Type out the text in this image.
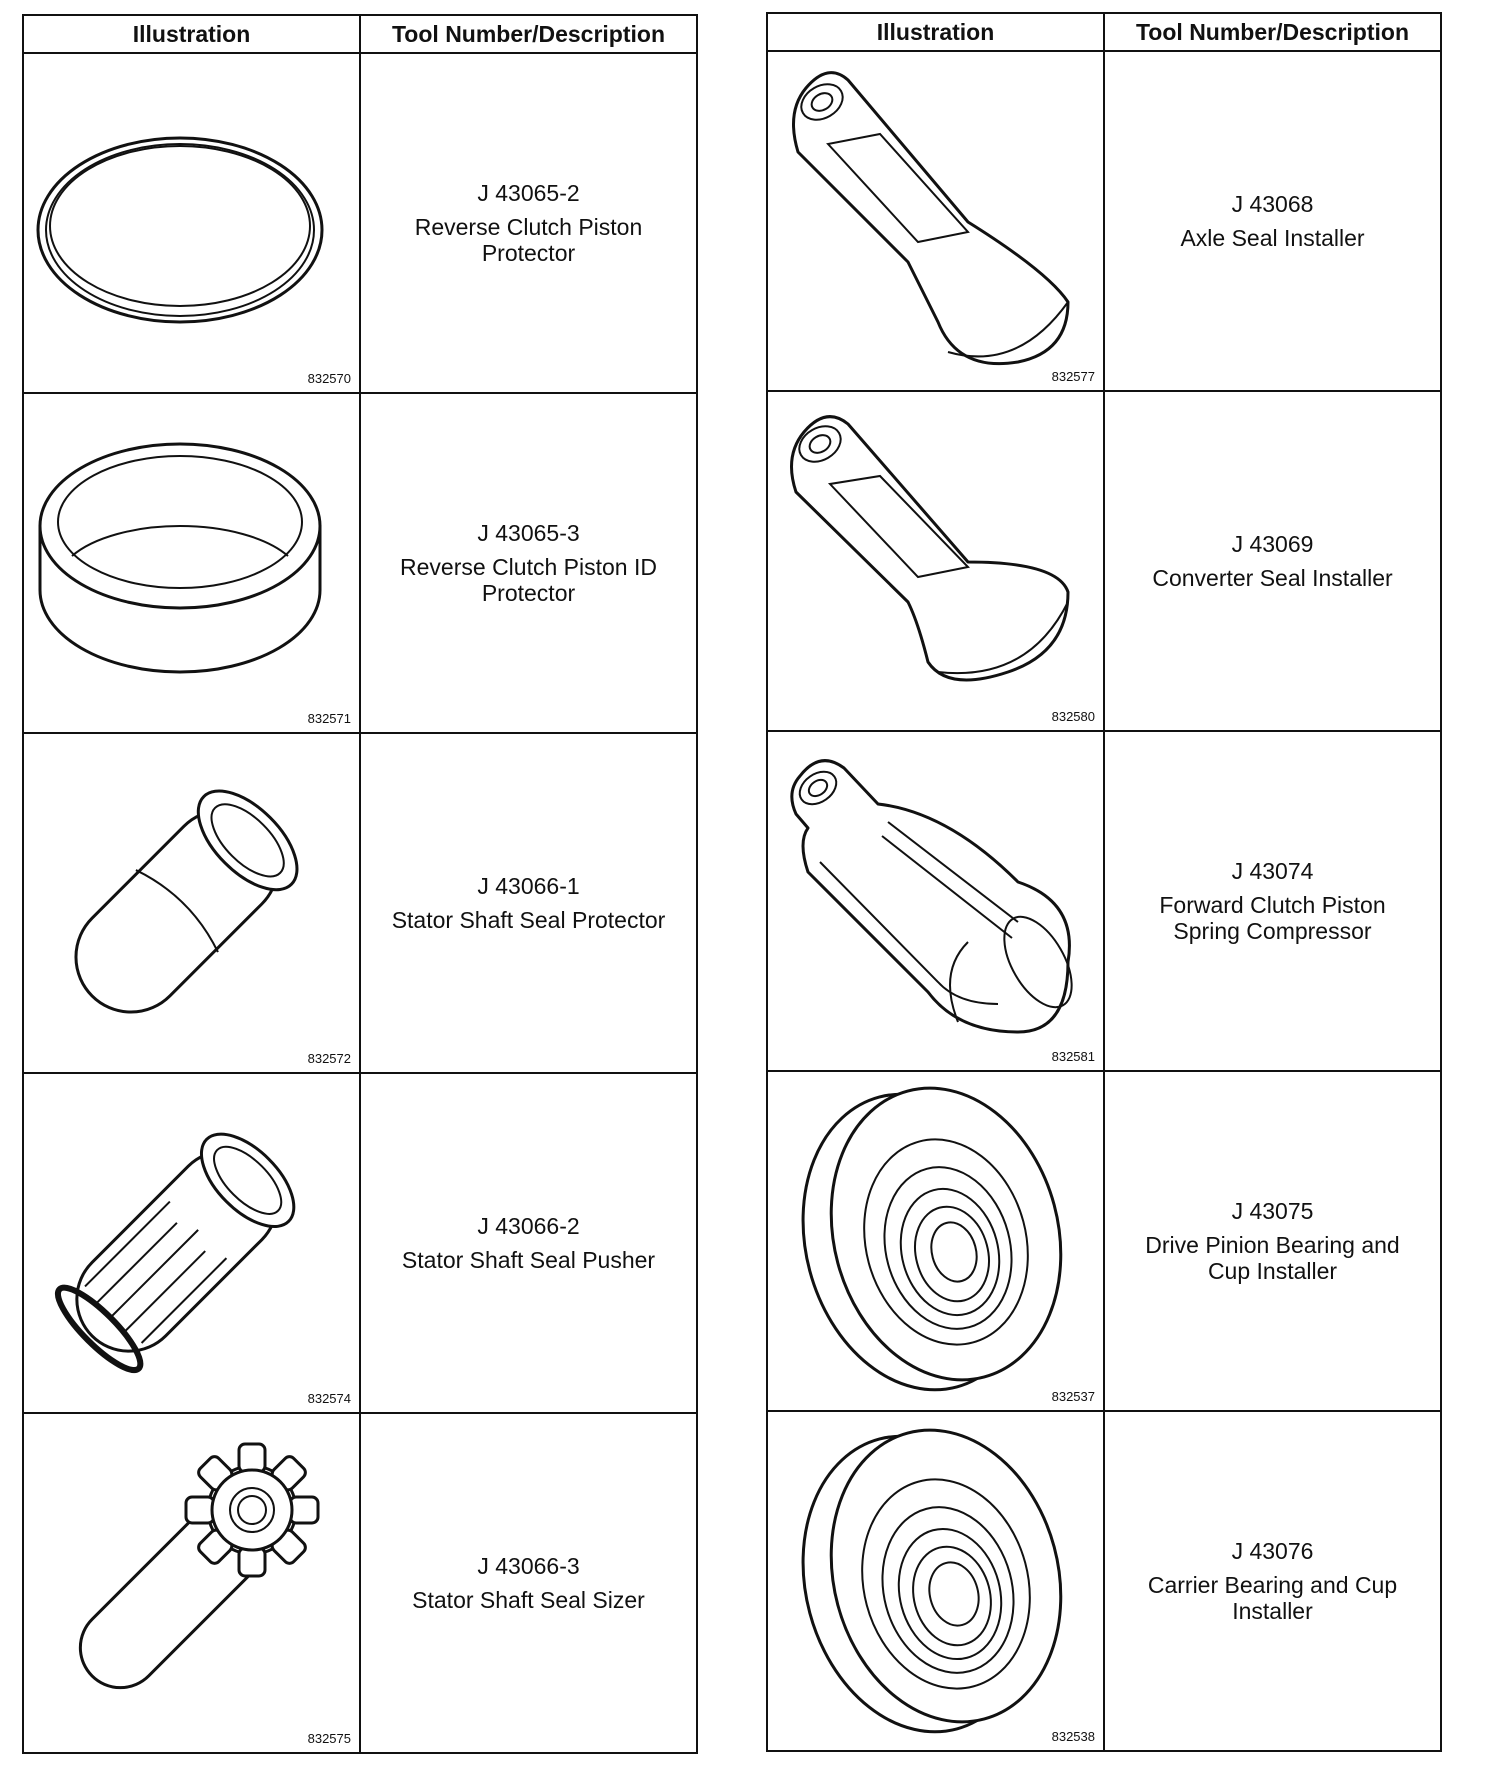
Illustration	Tool Number/Description

832570	J 43065-2
Reverse Clutch Piston Protector

832571	J 43065-3
Reverse Clutch Piston ID Protector

832572	J 43066-1
Stator Shaft Seal Protector

832574	J 43066-2
Stator Shaft Seal Pusher

832575	J 43066-3
Stator Shaft Seal Sizer
Illustration	Tool Number/Description

832577	J 43068
Axle Seal Installer

832580	J 43069
Converter Seal Installer

832581	J 43074
Forward Clutch Piston Spring Compressor

832537	J 43075
Drive Pinion Bearing and Cup Installer

832538	J 43076
Carrier Bearing and Cup Installer
